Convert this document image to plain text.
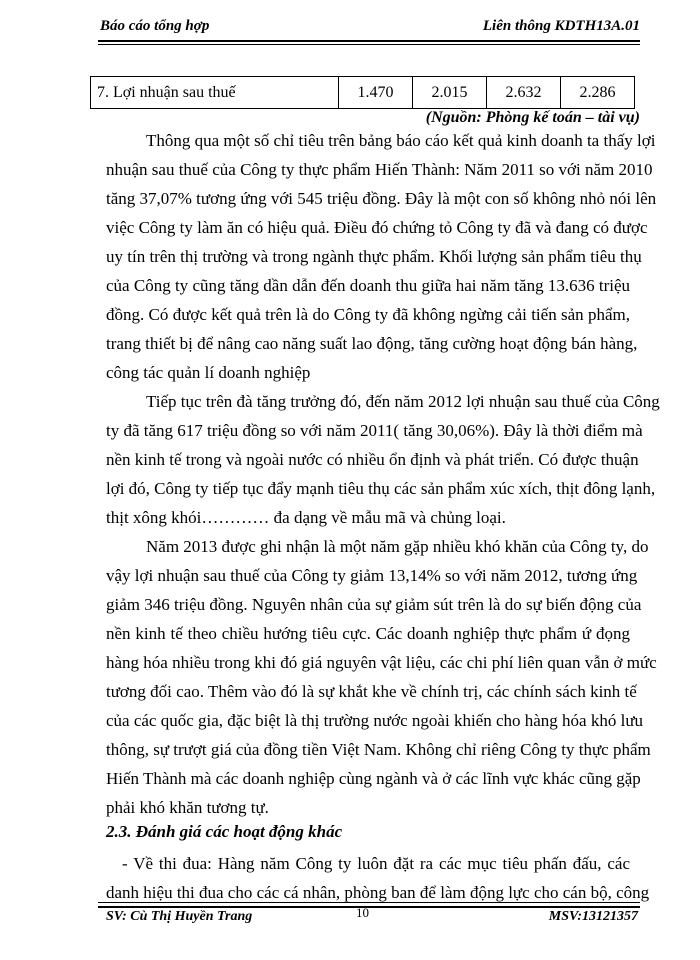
Báo cáo tổng hợp	Liên thông KDTH13A.01
7. Lợi nhuận sau thuế	1.470	2.015	2.632	2.286
(Nguồn: Phòng kế toán – tài vụ)
Thông qua một số chỉ tiêu trên bảng báo cáo kết quả kinh doanh ta thấy lợi
nhuận sau thuế của Công ty thực phẩm Hiến Thành: Năm 2011 so với năm 2010
tăng 37,07% tương ứng với 545 triệu đồng. Đây là một con số không nhỏ nói lên
việc Công ty làm ăn có hiệu quả. Điều đó chứng tỏ Công ty đã và đang có được
uy tín trên thị trường và trong ngành thực phẩm. Khối lượng sản phẩm tiêu thụ
của Công ty cũng tăng dần dẫn đến doanh thu giữa hai năm tăng 13.636 triệu
đồng. Có được kết quả trên là do Công ty đã không ngừng cải tiến sản phẩm,
trang thiết bị để nâng cao năng suất lao động, tăng cường hoạt động bán hàng,
công tác quản lí doanh nghiệp
Tiếp tục trên đà tăng trưởng đó, đến năm 2012 lợi nhuận sau thuế của Công
ty đã tăng 617 triệu đồng so với năm 2011( tăng 30,06%). Đây là thời điểm mà
nền kinh tế trong và ngoài nước có nhiều ổn định và phát triển. Có được thuận
lợi đó, Công ty tiếp tục đẩy mạnh tiêu thụ các sản phẩm xúc xích, thịt đông lạnh,
thịt xông khói………… đa dạng về mẫu mã và chủng loại.
Năm 2013 được ghi nhận là một năm gặp nhiều khó khăn của Công ty, do
vậy lợi nhuận sau thuế của Công ty giảm 13,14% so với năm 2012, tương ứng
giảm 346 triệu đồng. Nguyên nhân của sự giảm sút trên là do sự biến động của
nền kinh tế theo chiều hướng tiêu cực. Các doanh nghiệp thực phẩm ứ đọng
hàng hóa nhiều trong khi đó giá nguyên vật liệu, các chi phí liên quan vẫn ở mức
tương đối cao. Thêm vào đó là sự khắt khe về chính trị, các chính sách kinh tế
của các quốc gia, đặc biệt là thị trường nước ngoài khiến cho hàng hóa khó lưu
thông, sự trượt giá của đồng tiền Việt Nam. Không chỉ riêng Công ty thực phẩm
Hiến Thành mà các doanh nghiệp cùng ngành và ở các lĩnh vực khác cũng gặp
phải khó khăn tương tự.
2.3. Đánh giá các hoạt động khác
- Về thi đua: Hàng năm Công ty luôn đặt ra các mục tiêu phấn đấu, các
danh hiệu thi đua cho các cá nhân, phòng ban để làm động lực cho cán bộ, công
SV: Cù Thị Huyền Trang	10	MSV:13121357
